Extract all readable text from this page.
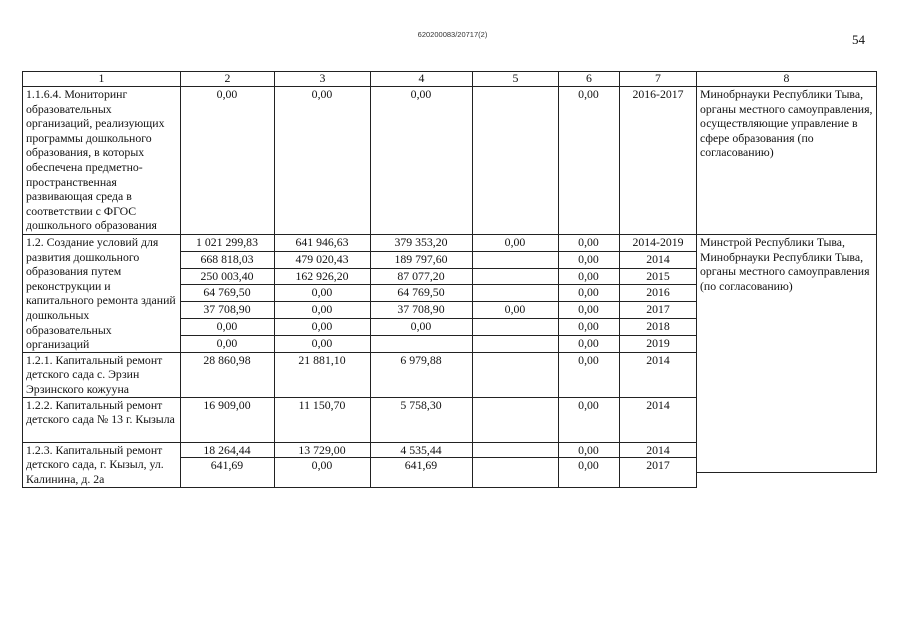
620200083/20717(2)	54
1	2	3	4	5	6	7	8
1.1.6.4. Мониторинг образовательных организаций, реализующих программы дошкольного образования, в которых обеспечена предметно-пространственная развивающая среда в соответствии с ФГОС дошкольного образования	0,00	0,00	0,00		0,00	2016-2017	Минобрнауки Республики Тыва, органы местного самоуправления, осуществляющие управление в сфере образования (по согласованию)
1.2. Создание условий для развития дошкольного образования путем реконструкции и капитального ремонта зданий дошкольных образовательных организаций	1 021 299,83	641 946,63	379 353,20	0,00	0,00	2014-2019	Минстрой Республики Тыва, Минобрнауки Республики Тыва, органы местного самоуправления (по согласованию)
	668 818,03	479 020,43	189 797,60		0,00	2014	
	250 003,40	162 926,20	87 077,20		0,00	2015	
	64 769,50	0,00	64 769,50		0,00	2016	
	37 708,90	0,00	37 708,90	0,00	0,00	2017	
	0,00	0,00	0,00		0,00	2018	
	0,00	0,00			0,00	2019	
1.2.1. Капитальный ремонт детского сада с. Эрзин Эрзинского кожууна	28 860,98	21 881,10	6 979,88		0,00	2014	

1.2.2. Капитальный ремонт детского сада № 13 г. Кызыла	16 909,00	11 150,70	5 758,30		0,00	2014	

1.2.3. Капитальный ремонт детского сада, г. Кызыл, ул. Калинина, д. 2а	18 264,44	13 729,00	4 535,44		0,00	2014	
	641,69	0,00	641,69		0,00	2017	
